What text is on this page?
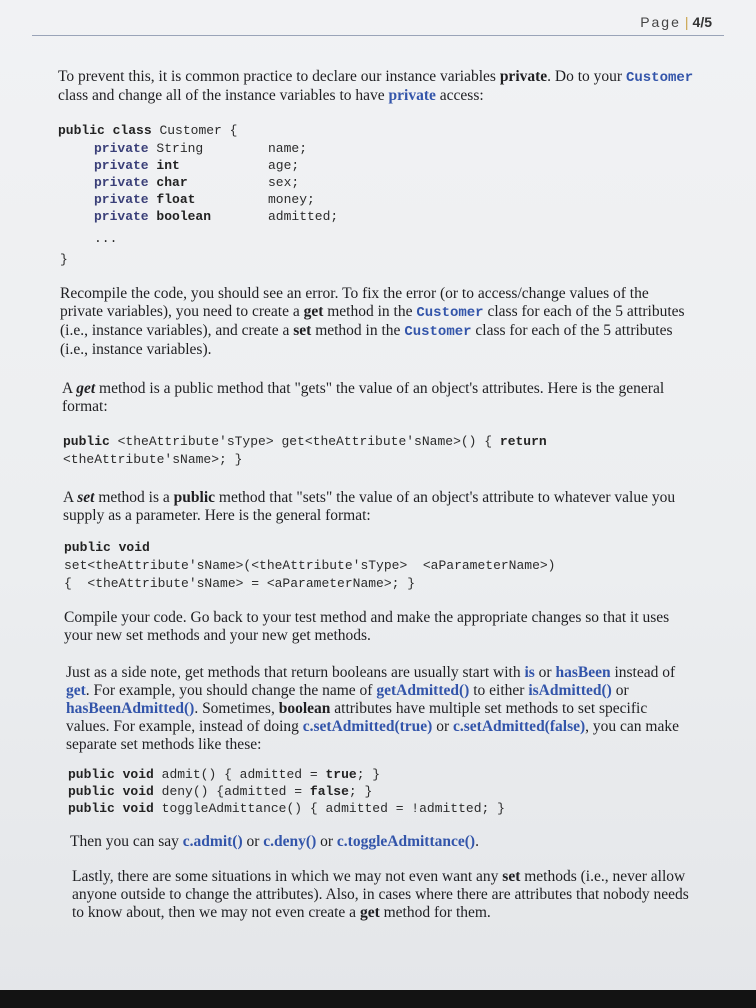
Page | 4/5

To prevent this, it is common practice to declare our instance variables private. Do to your Customer class and change all of the instance variables to have private access:

public class Customer {
private String	name;
private int	age;
private char	sex;
private float	money;
private boolean	admitted;
...
}

Recompile the code, you should see an error. To fix the error (or to access/change values of the private variables), you need to create a get method in the Customer class for each of the 5 attributes (i.e., instance variables), and create a set method in the Customer class for each of the 5 attributes (i.e., instance variables).

A get method is a public method that "gets" the value of an object's attributes. Here is the general format:

public <theAttribute'sType> get<theAttribute'sName>() { return
<theAttribute'sName>; }

A set method is a public method that "sets" the value of an object's attribute to whatever value you supply as a parameter. Here is the general format:

public void
set<theAttribute'sName>(<theAttribute'sType>  <aParameterName>)
{  <theAttribute'sName> = <aParameterName>; }

Compile your code. Go back to your test method and make the appropriate changes so that it uses your new set methods and your new get methods.

Just as a side note, get methods that return booleans are usually start with is or hasBeen instead of get. For example, you should change the name of getAdmitted() to either isAdmitted() or hasBeenAdmitted(). Sometimes, boolean attributes have multiple set methods to set specific values. For example, instead of doing c.setAdmitted(true) or c.setAdmitted(false), you can make separate set methods like these:

public void admit() { admitted = true; }
public void deny() {admitted = false; }
public void toggleAdmittance() { admitted = !admitted; }

Then you can say c.admit() or c.deny() or c.toggleAdmittance().

Lastly, there are some situations in which we may not even want any set methods (i.e., never allow anyone outside to change the attributes). Also, in cases where there are attributes that nobody needs to know about, then we may not even create a get method for them.
